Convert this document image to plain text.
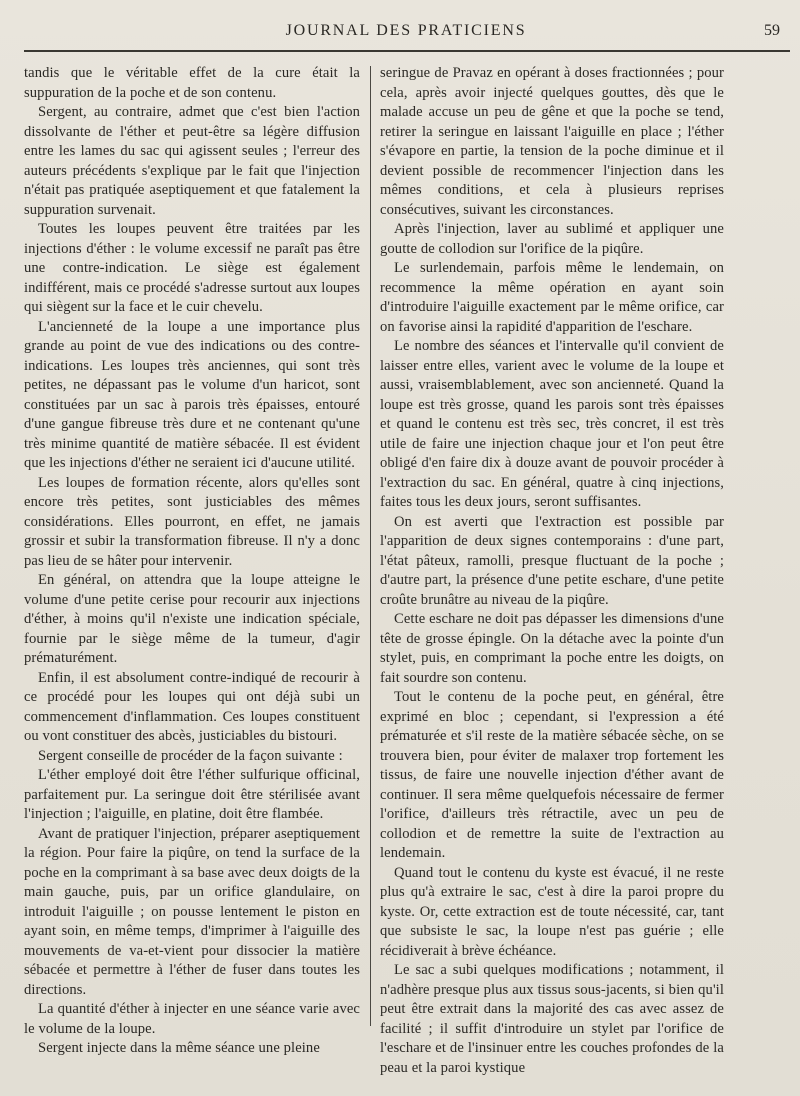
JOURNAL DES PRATICIENS	59

tandis que le véritable effet de la cure était la suppuration de la poche et de son contenu.

Sergent, au contraire, admet que c'est bien l'action dissolvante de l'éther et peut-être sa légère diffusion entre les lames du sac qui agissent seules ; l'erreur des auteurs précédents s'explique par le fait que l'injection n'était pas pratiquée aseptiquement et que fatalement la suppuration survenait.

Toutes les loupes peuvent être traitées par les injections d'éther : le volume excessif ne paraît pas être une contre-indication. Le siège est également indifférent, mais ce procédé s'adresse surtout aux loupes qui siègent sur la face et le cuir chevelu.

L'ancienneté de la loupe a une importance plus grande au point de vue des indications ou des contre-indications. Les loupes très anciennes, qui sont très petites, ne dépassant pas le volume d'un haricot, sont constituées par un sac à parois très épaisses, entouré d'une gangue fibreuse très dure et ne contenant qu'une très minime quantité de matière sébacée. Il est évident que les injections d'éther ne seraient ici d'aucune utilité.

Les loupes de formation récente, alors qu'elles sont encore très petites, sont justiciables des mêmes considérations. Elles pourront, en effet, ne jamais grossir et subir la transformation fibreuse. Il n'y a donc pas lieu de se hâter pour intervenir.

En général, on attendra que la loupe atteigne le volume d'une petite cerise pour recourir aux injections d'éther, à moins qu'il n'existe une indication spéciale, fournie par le siège même de la tumeur, d'agir prématurément.

Enfin, il est absolument contre-indiqué de recourir à ce procédé pour les loupes qui ont déjà subi un commencement d'inflammation. Ces loupes constituent ou vont constituer des abcès, justiciables du bistouri.

Sergent conseille de procéder de la façon suivante :

L'éther employé doit être l'éther sulfurique officinal, parfaitement pur. La seringue doit être stérilisée avant l'injection ; l'aiguille, en platine, doit être flambée.

Avant de pratiquer l'injection, préparer aseptiquement la région. Pour faire la piqûre, on tend la surface de la poche en la comprimant à sa base avec deux doigts de la main gauche, puis, par un orifice glandulaire, on introduit l'aiguille ; on pousse lentement le piston en ayant soin, en même temps, d'imprimer à l'aiguille des mouvements de va-et-vient pour dissocier la matière sébacée et permettre à l'éther de fuser dans toutes les directions.

La quantité d'éther à injecter en une séance varie avec le volume de la loupe.

Sergent injecte dans la même séance une pleine

seringue de Pravaz en opérant à doses fractionnées ; pour cela, après avoir injecté quelques gouttes, dès que le malade accuse un peu de gêne et que la poche se tend, retirer la seringue en laissant l'aiguille en place ; l'éther s'évapore en partie, la tension de la poche diminue et il devient possible de recommencer l'injection dans les mêmes conditions, et cela à plusieurs reprises consécutives, suivant les circonstances.

Après l'injection, laver au sublimé et appliquer une goutte de collodion sur l'orifice de la piqûre.

Le surlendemain, parfois même le lendemain, on recommence la même opération en ayant soin d'introduire l'aiguille exactement par le même orifice, car on favorise ainsi la rapidité d'apparition de l'eschare.

Le nombre des séances et l'intervalle qu'il convient de laisser entre elles, varient avec le volume de la loupe et aussi, vraisemblablement, avec son ancienneté. Quand la loupe est très grosse, quand les parois sont très épaisses et quand le contenu est très sec, très concret, il est très utile de faire une injection chaque jour et l'on peut être obligé d'en faire dix à douze avant de pouvoir procéder à l'extraction du sac. En général, quatre à cinq injections, faites tous les deux jours, seront suffisantes.

On est averti que l'extraction est possible par l'apparition de deux signes contemporains : d'une part, l'état pâteux, ramolli, presque fluctuant de la poche ; d'autre part, la présence d'une petite eschare, d'une petite croûte brunâtre au niveau de la piqûre.

Cette eschare ne doit pas dépasser les dimensions d'une tête de grosse épingle. On la détache avec la pointe d'un stylet, puis, en comprimant la poche entre les doigts, on fait sourdre son contenu.

Tout le contenu de la poche peut, en général, être exprimé en bloc ; cependant, si l'expression a été prématurée et s'il reste de la matière sébacée sèche, on se trouvera bien, pour éviter de malaxer trop fortement les tissus, de faire une nouvelle injection d'éther avant de continuer. Il sera même quelquefois nécessaire de fermer l'orifice, d'ailleurs très rétractile, avec un peu de collodion et de remettre la suite de l'extraction au lendemain.

Quand tout le contenu du kyste est évacué, il ne reste plus qu'à extraire le sac, c'est à dire la paroi propre du kyste. Or, cette extraction est de toute nécessité, car, tant que subsiste le sac, la loupe n'est pas guérie ; elle récidiverait à brève échéance.

Le sac a subi quelques modifications ; notamment, il n'adhère presque plus aux tissus sous-jacents, si bien qu'il peut être extrait dans la majorité des cas avec assez de facilité ; il suffit d'introduire un stylet par l'orifice de l'eschare et de l'insinuer entre les couches profondes de la peau et la paroi kystique
